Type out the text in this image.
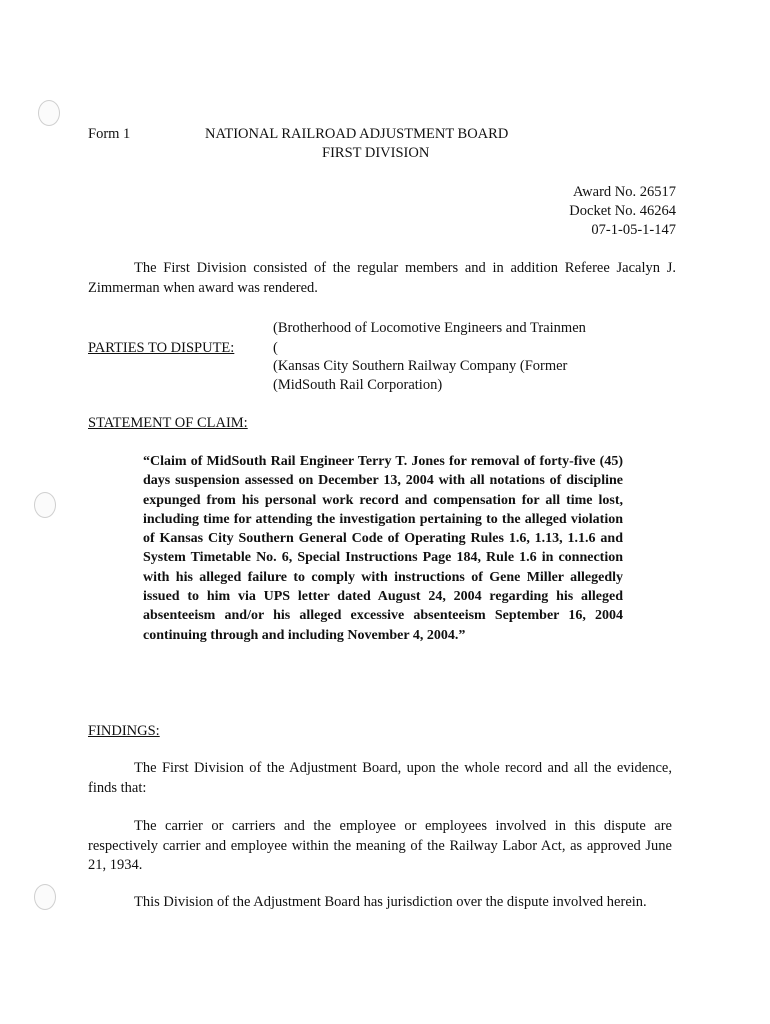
Form 1	NATIONAL RAILROAD ADJUSTMENT BOARD
FIRST DIVISION
Award No. 26517
Docket No. 46264
07-1-05-1-147

The First Division consisted of the regular members and in addition Referee Jacalyn J. Zimmerman when award was rendered.

(Brotherhood of Locomotive Engineers and Trainmen
PARTIES TO DISPUTE:	(
(Kansas City Southern Railway Company (Former
(MidSouth Rail Corporation)
STATEMENT OF CLAIM:
“Claim of MidSouth Rail Engineer Terry T. Jones for removal of forty-five (45) days suspension assessed on December 13, 2004 with all notations of discipline expunged from his personal work record and compensation for all time lost, including time for attending the investigation pertaining to the alleged violation of Kansas City Southern General Code of Operating Rules 1.6, 1.13, 1.1.6 and System Timetable No. 6, Special Instructions Page 184, Rule 1.6 in connection with his alleged failure to comply with instructions of Gene Miller allegedly issued to him via UPS letter dated August 24, 2004 regarding his alleged absenteeism and/or his alleged excessive absenteeism September 16, 2004 continuing through and including November 4, 2004.”
FINDINGS:

The First Division of the Adjustment Board, upon the whole record and all the evidence, finds that:

The carrier or carriers and the employee or employees involved in this dispute are respectively carrier and employee within the meaning of the Railway Labor Act, as approved June 21, 1934.

This Division of the Adjustment Board has jurisdiction over the dispute involved herein.
